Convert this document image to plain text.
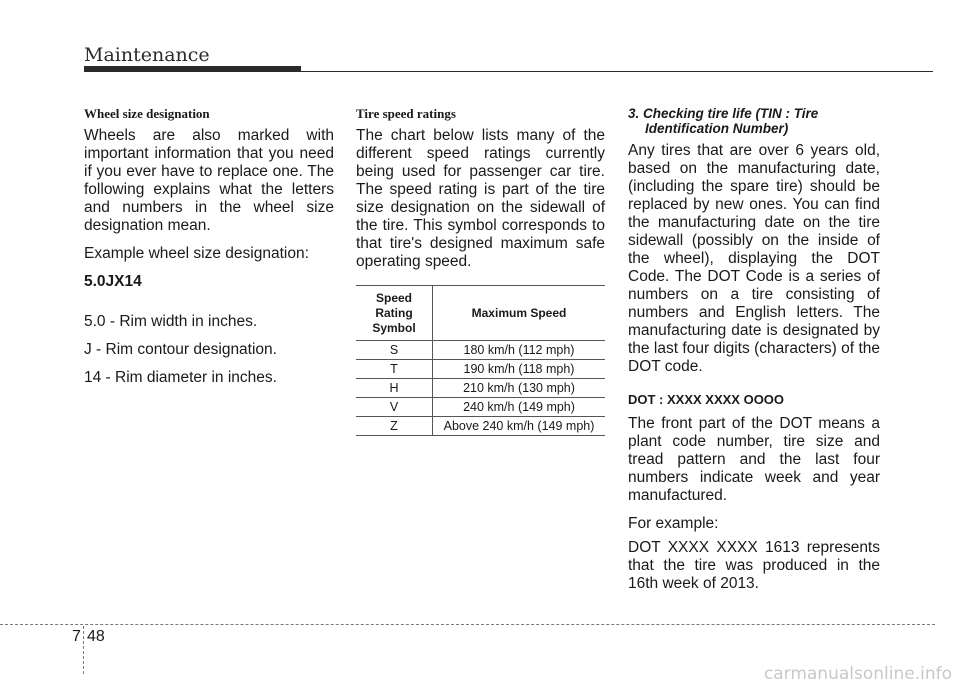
Maintenance
Wheel size designation

Wheels are also marked with important information that you need if you ever have to replace one. The following explains what the letters and numbers in the wheel size designation mean.

Example wheel size designation:

5.0JX14

5.0 - Rim width in inches.

J - Rim contour designation.

14 - Rim diameter in inches.

Tire speed ratings

The chart below lists many of the different speed ratings currently being used for passenger car tire. The speed rating is part of the tire size designation on the sidewall of the tire. This symbol corresponds to that tire's designed maximum safe operating speed.

Speed Rating Symbol	Maximum Speed
S	180 km/h (112 mph)
T	190 km/h (118 mph)
H	210 km/h (130 mph)
V	240 km/h (149 mph)
Z	Above 240 km/h (149 mph)
3. Checking tire life (TIN : Tire
Identification Number)

Any tires that are over 6 years old, based on the manufacturing date, (including the spare tire) should be replaced by new ones. You can find the manufacturing date on the tire sidewall (possibly on the inside of the wheel), displaying the DOT Code. The DOT Code is a series of numbers on a tire consisting of numbers and English letters. The manufacturing date is designated by the last four digits (characters) of the DOT code.

DOT : XXXX XXXX OOOO

The front part of the DOT means a plant code number, tire size and tread pattern and the last four numbers indicate week and year manufactured.

For example:

DOT XXXX XXXX 1613 represents that the tire was produced in the 16th week of 2013.

7 48
carmanualsonline.info
